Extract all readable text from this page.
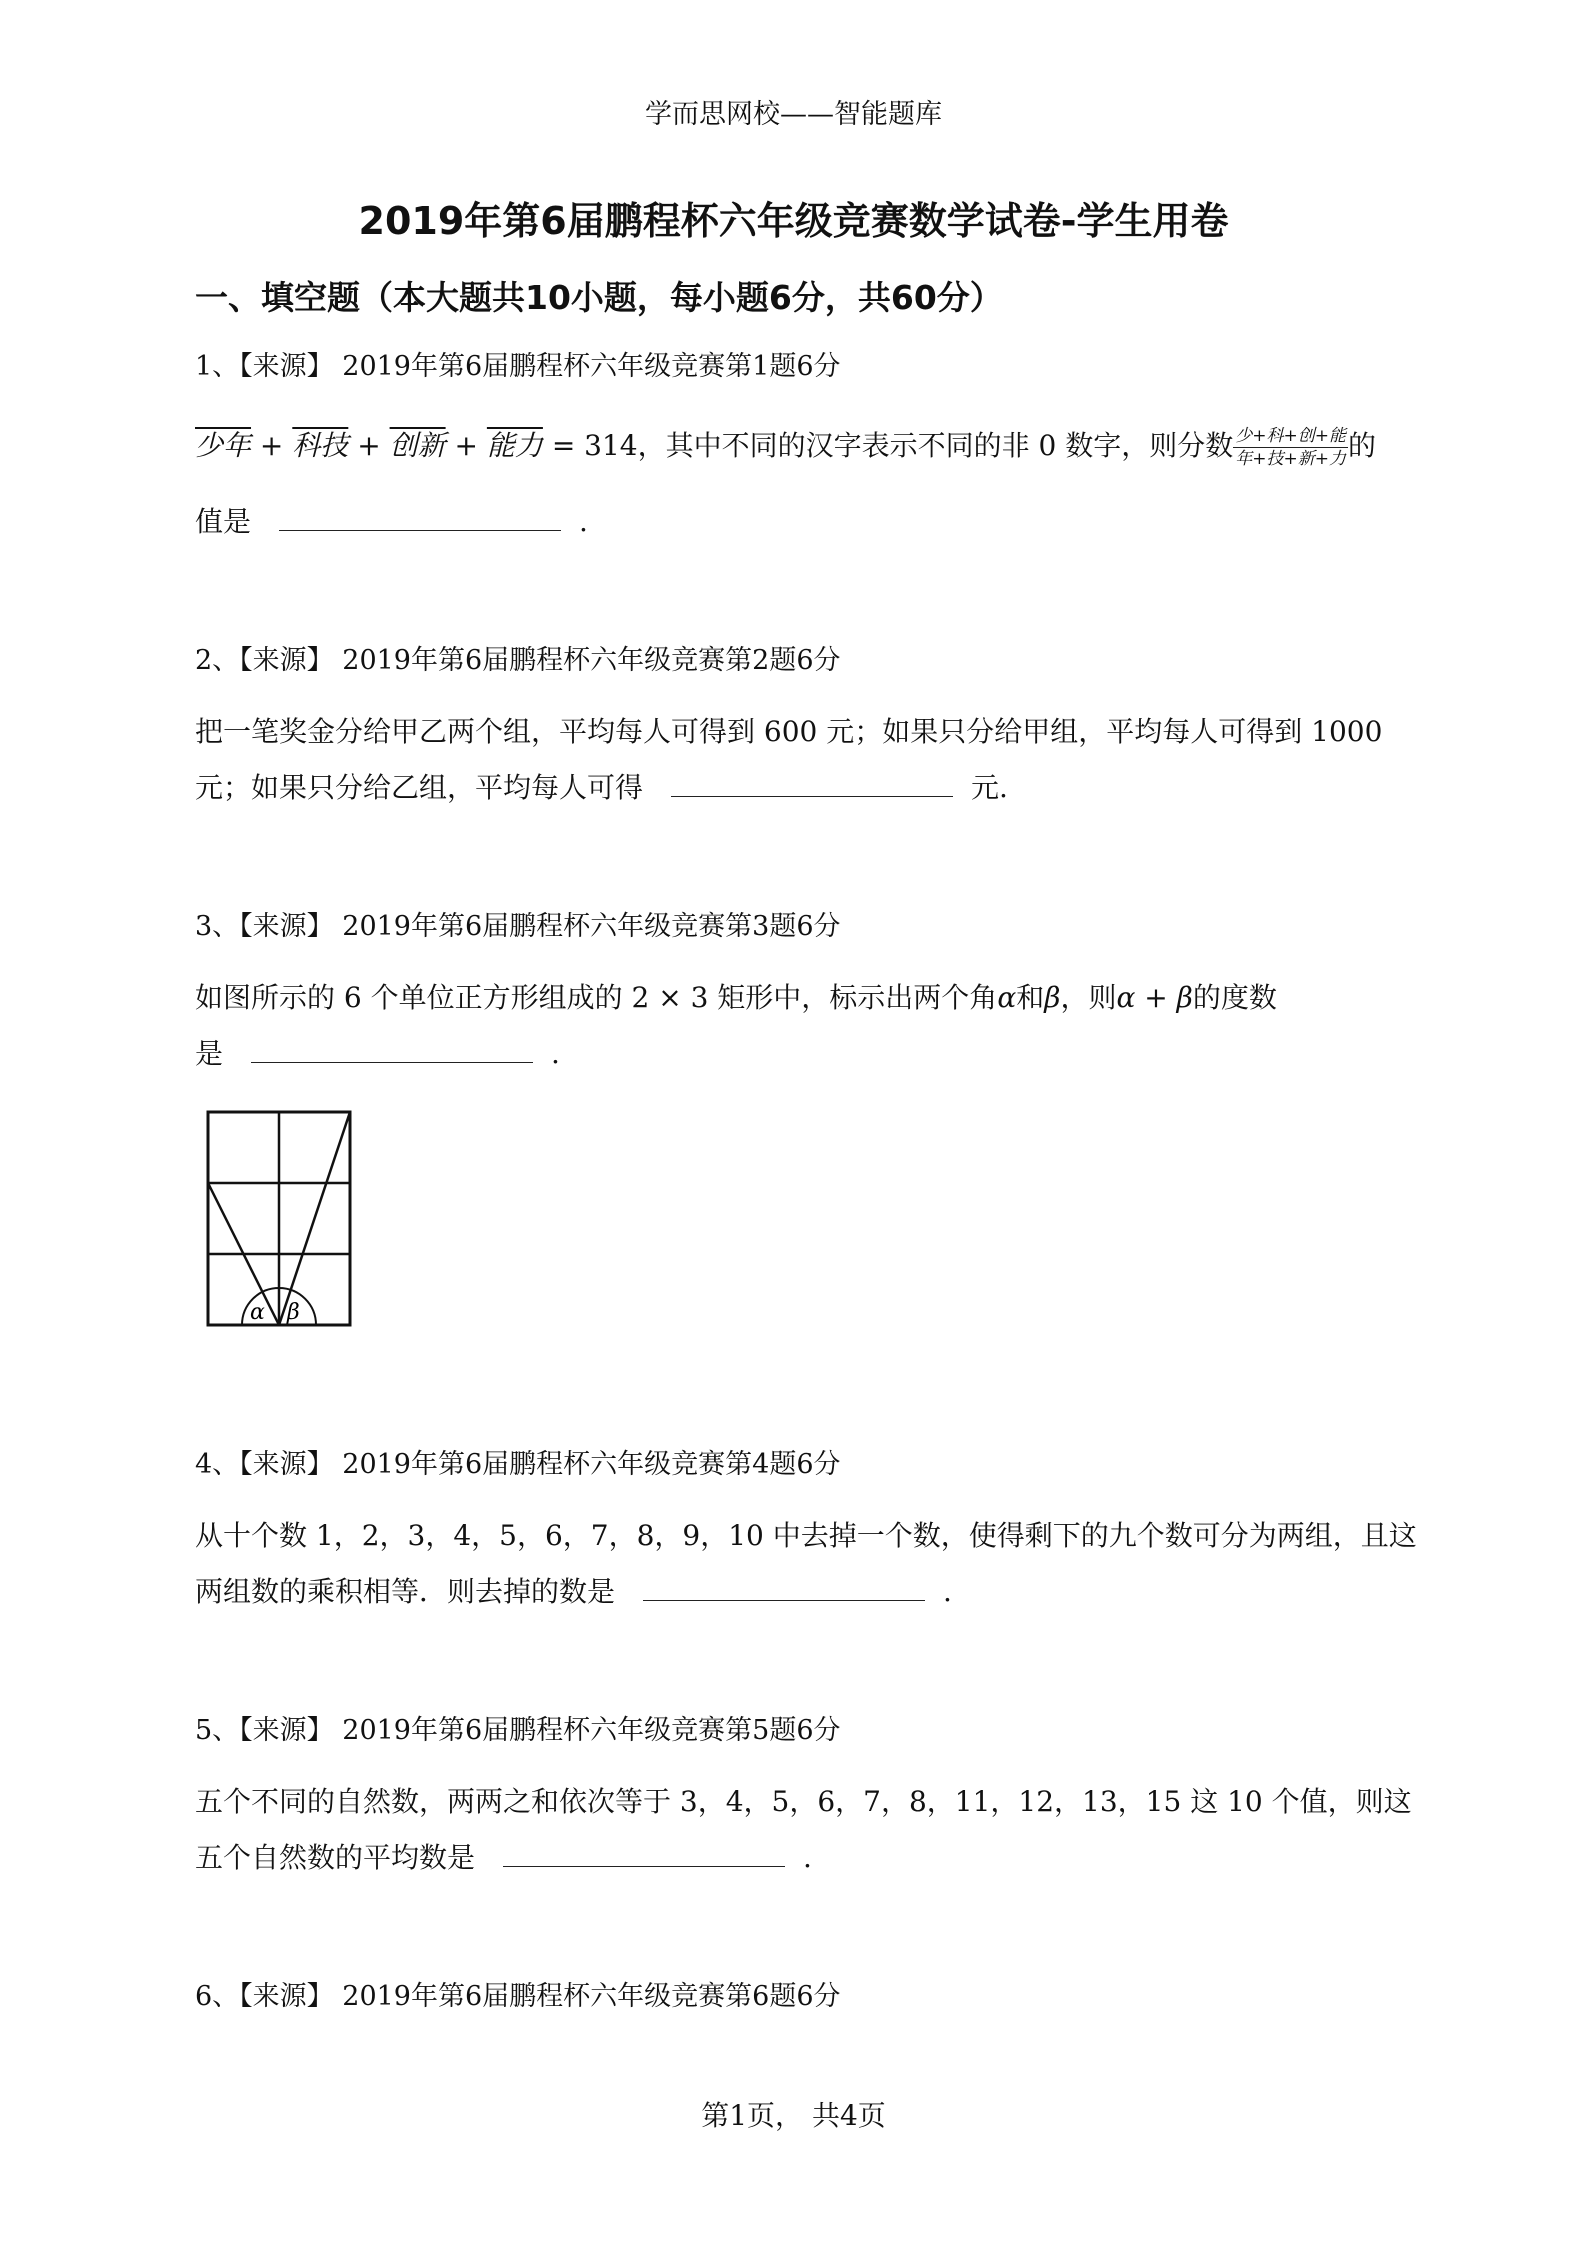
学而思网校——智能题库
2019年第6届鹏程杯六年级竞赛数学试卷-学生用卷
一、填空题（本大题共10小题，每小题6分，共60分）
1、【来源】 2019年第6届鹏程杯六年级竞赛第1题6分
少年 + 科技 + 创新 + 能力 = 314，其中不同的汉字表示不同的非 0 数字，则分数 $\frac{\text{少+科+创+能}}{\text{年+技+新+力}}$ 的
值是	.
2、【来源】 2019年第6届鹏程杯六年级竞赛第2题6分
把一笔奖金分给甲乙两个组，平均每人可得到 600 元；如果只分给甲组，平均每人可得到 1000
元；如果只分给乙组，平均每人可得	元.
3、【来源】 2019年第6届鹏程杯六年级竞赛第3题6分
如图所示的 6 个单位正方形组成的 2 × 3 矩形中，标示出两个角α和β，则α + β的度数
是	.
α β
4、【来源】 2019年第6届鹏程杯六年级竞赛第4题6分
从十个数 1，2，3，4，5，6，7，8，9，10 中去掉一个数，使得剩下的九个数可分为两组，且这
两组数的乘积相等．则去掉的数是	.
5、【来源】 2019年第6届鹏程杯六年级竞赛第5题6分
五个不同的自然数，两两之和依次等于 3，4，5，6，7，8，11，12，13，15 这 10 个值，则这
五个自然数的平均数是	.
6、【来源】 2019年第6届鹏程杯六年级竞赛第6题6分
第1页， 共4页
